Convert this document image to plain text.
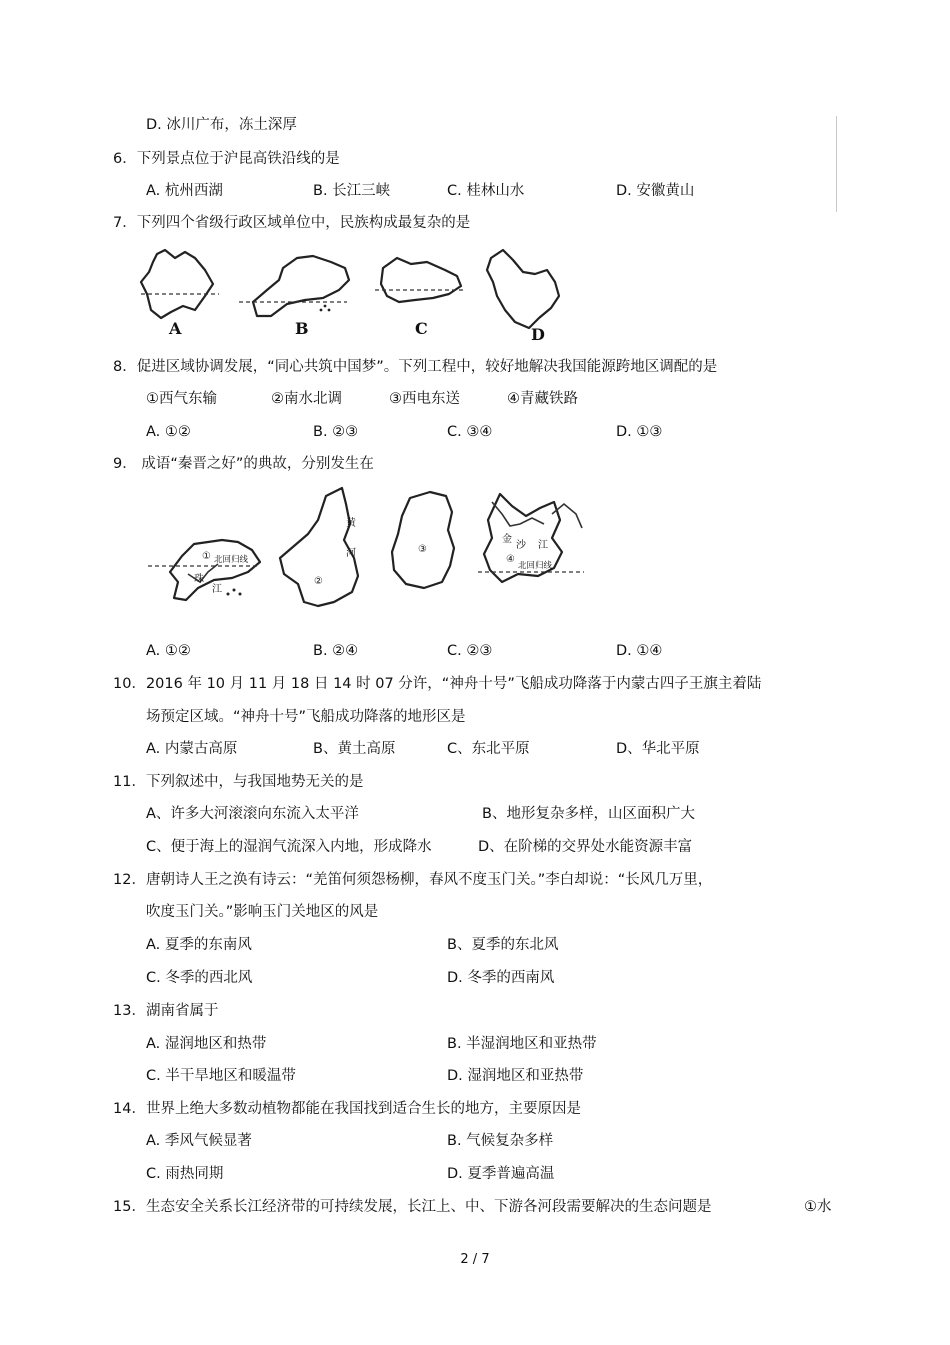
D. 冰川广布，冻土深厚
6．下列景点位于沪昆高铁沿线的是
A. 杭州西湖	B. 长江三峡	C. 桂林山水	D. 安徽黄山
7．下列四个省级行政区域单位中，民族构成最复杂的是
A	B	C	D
8．促进区域协调发展，“同心共筑中国梦”。下列工程中，较好地解决我国能源跨地区调配的是
①西气东输	②南水北调	③西电东送	④青藏铁路
A. ①②	B. ②③	C. ③④	D. ①③
9． 成语“秦晋之好”的典故，分别发生在
① 北回归线
珠
江
黄
河
②
③
金
沙 江
④
北回归线
A. ①②	B. ②④	C. ②③	D. ①④
10．2016 年 10 月 11 月 18 日 14 时 07 分许，“神舟十号”飞船成功降落于内蒙古四子王旗主着陆
场预定区域。“神舟十号”飞船成功降落的地形区是
A. 内蒙古高原	B、黄土高原	C、东北平原	D、华北平原
11．下列叙述中，与我国地势无关的是
A、许多大河滚滚向东流入太平洋	B、地形复杂多样，山区面积广大
C、便于海上的湿润气流深入内地，形成降水	D、在阶梯的交界处水能资源丰富
12．唐朝诗人王之涣有诗云：“羌笛何须怨杨柳，春风不度玉门关。”李白却说：“长风几万里，
吹度玉门关。”影响玉门关地区的风是
A. 夏季的东南风	B、夏季的东北风
C. 冬季的西北风	D. 冬季的西南风
13．湖南省属于
A. 湿润地区和热带	B. 半湿润地区和亚热带
C. 半干旱地区和暖温带	D. 湿润地区和亚热带
14．世界上绝大多数动植物都能在我国找到适合生长的地方，主要原因是
A. 季风气候显著	B. 气候复杂多样
C. 雨热同期	D. 夏季普遍高温
15．生态安全关系长江经济带的可持续发展，长江上、中、下游各河段需要解决的生态问题是	①水
2 / 7
